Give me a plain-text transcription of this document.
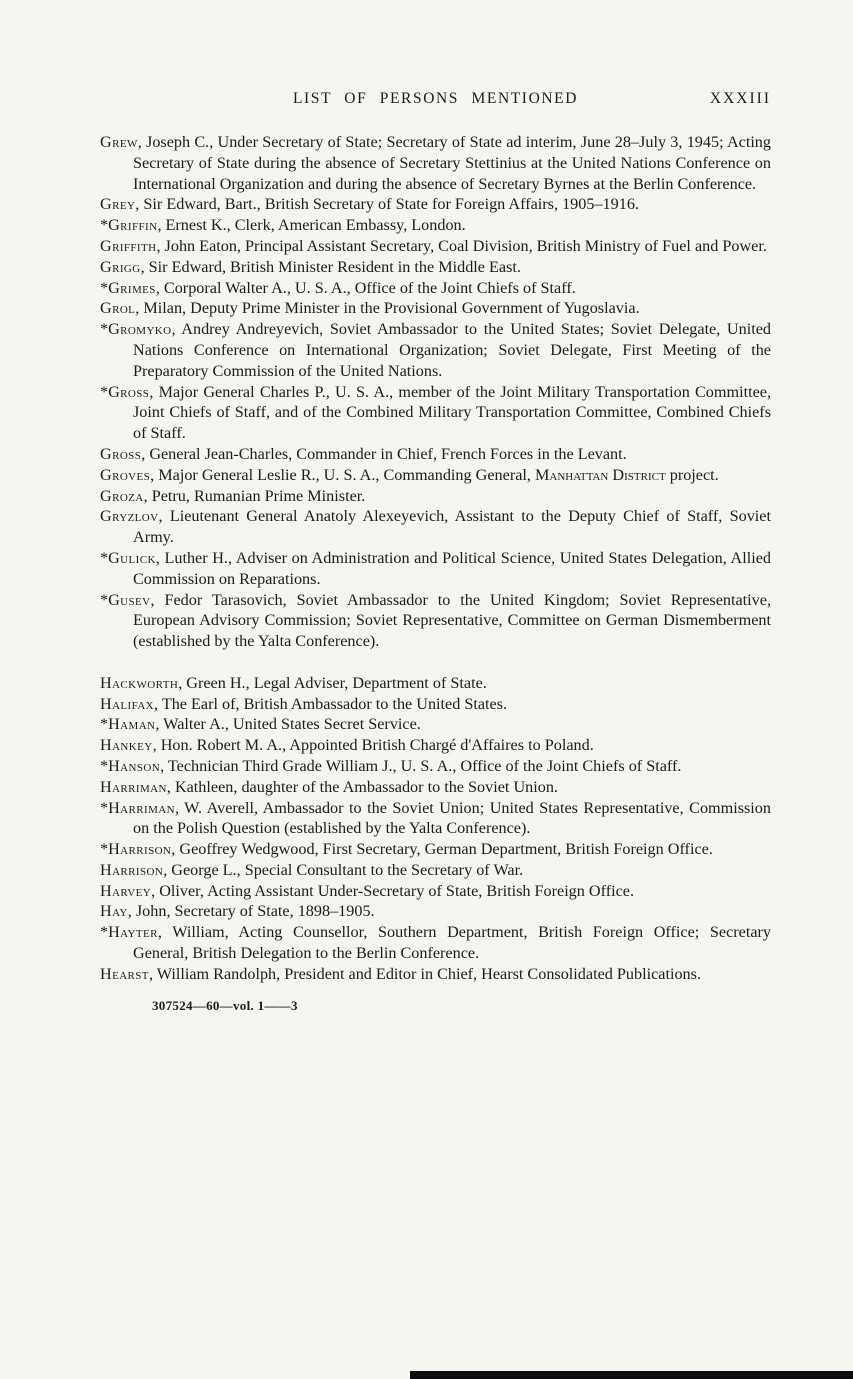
LIST OF PERSONS MENTIONED	XXXIII

Grew, Joseph C., Under Secretary of State; Secretary of State ad interim, June 28–July 3, 1945; Acting Secretary of State during the absence of Secretary Stettinius at the United Nations Conference on International Organization and during the absence of Secretary Byrnes at the Berlin Conference.

Grey, Sir Edward, Bart., British Secretary of State for Foreign Affairs, 1905–1916.

*Griffin, Ernest K., Clerk, American Embassy, London.

Griffith, John Eaton, Principal Assistant Secretary, Coal Division, British Ministry of Fuel and Power.

Grigg, Sir Edward, British Minister Resident in the Middle East.

*Grimes, Corporal Walter A., U. S. A., Office of the Joint Chiefs of Staff.

Grol, Milan, Deputy Prime Minister in the Provisional Government of Yugoslavia.

*Gromyko, Andrey Andreyevich, Soviet Ambassador to the United States; Soviet Delegate, United Nations Conference on International Organization; Soviet Delegate, First Meeting of the Preparatory Commission of the United Nations.

*Gross, Major General Charles P., U. S. A., member of the Joint Military Transportation Committee, Joint Chiefs of Staff, and of the Combined Military Transportation Committee, Combined Chiefs of Staff.

Gross, General Jean-Charles, Commander in Chief, French Forces in the Levant.

Groves, Major General Leslie R., U. S. A., Commanding General, Manhattan District project.

Groza, Petru, Rumanian Prime Minister.

Gryzlov, Lieutenant General Anatoly Alexeyevich, Assistant to the Deputy Chief of Staff, Soviet Army.

*Gulick, Luther H., Adviser on Administration and Political Science, United States Delegation, Allied Commission on Reparations.

*Gusev, Fedor Tarasovich, Soviet Ambassador to the United Kingdom; Soviet Representative, European Advisory Commission; Soviet Representative, Committee on German Dismemberment (established by the Yalta Conference).

Hackworth, Green H., Legal Adviser, Department of State.

Halifax, The Earl of, British Ambassador to the United States.

*Haman, Walter A., United States Secret Service.

Hankey, Hon. Robert M. A., Appointed British Chargé d'Affaires to Poland.

*Hanson, Technician Third Grade William J., U. S. A., Office of the Joint Chiefs of Staff.

Harriman, Kathleen, daughter of the Ambassador to the Soviet Union.

*Harriman, W. Averell, Ambassador to the Soviet Union; United States Representative, Commission on the Polish Question (established by the Yalta Conference).

*Harrison, Geoffrey Wedgwood, First Secretary, German Department, British Foreign Office.

Harrison, George L., Special Consultant to the Secretary of War.

Harvey, Oliver, Acting Assistant Under-Secretary of State, British Foreign Office.

Hay, John, Secretary of State, 1898–1905.

*Hayter, William, Acting Counsellor, Southern Department, British Foreign Office; Secretary General, British Delegation to the Berlin Conference.

Hearst, William Randolph, President and Editor in Chief, Hearst Consolidated Publications.

307524—60—vol. 1——3
